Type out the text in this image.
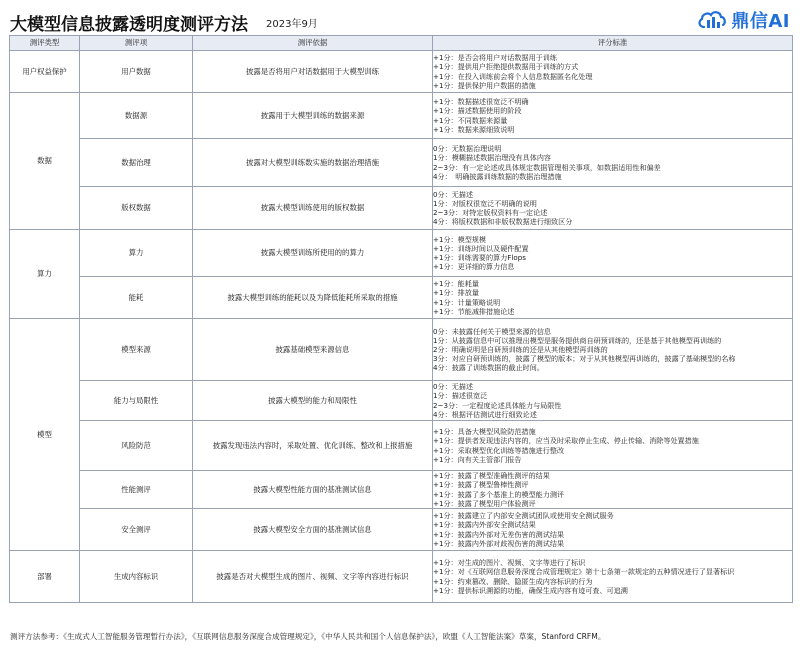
大模型信息披露透明度测评方法 2023年9月	鼎信AI
测评类型	测评项	测评依据	评分标准
用户权益保护	用户数据	披露是否将用户对话数据用于大模型训练	+1分：是否会将用户对话数据用于训练
+1分：提供用户拒绝提供数据用于训练的方式
+1分：在投入训练前会将个人信息数据匿名化处理
+1分：提供保护用户数据的措施

数据	数据源	披露用于大模型训练的数据来源	+1分：数据描述很宽泛不明确
+1分：描述数据使用的阶段
+1分：不同数据来源量
+1分：数据来源细致说明

	数据治理	披露对大模型训练数实施的数据治理措施	0分：无数据治理说明
1分：模糊描述数据治理没有具体内容
2~3分：有一定论述或具体规定数据管理相关事项，如数据适用性和偏差
4分：　明确披露训练数据的数据治理措施

	版权数据	披露大模型训练使用的版权数据	0分：无描述
1分：对版权很宽泛不明确的说明
2~3分：对特定版权资料有一定论述
4分：将版权数据和非版权数据进行细致区分

算力	算力	披露大模型训练所使用的的算力	+1分：模型规模
+1分：训练时间以及硬件配置
+1分：训练需要的算力Flops
+1分：更详细的算力信息

	能耗	披露大模型训练的能耗以及为降低能耗所采取的措施	+1分：能耗量
+1分：排放量
+1分：计量策略说明
+1分：节能减排措施论述

模型	模型来源	披露基础模型来源信息	0分：未披露任何关于模型来源的信息
1分：从披露信息中可以推理出模型是服务提供商自研预训练的，还是基于其他模型再训练的
2分：明确说明是自研预训练的还是从其他模型再训练的
3分：对应自研预训练的，披露了模型的版本；对于从其他模型再训练的，披露了基础模型的名称
4分：披露了训练数据的截止时间。

	能力与局限性	披露大模型的能力和局限性	0分：无描述
1分：描述很宽泛
2~3分：一定程度论述具体能力与局限性
4分：根据评估测试进行细致论述

	风险防范	披露发现违法内容时，采取处置、优化训练、整改和上报措施	+1分：具备大模型风险防范措施
+1分：提供者发现违法内容的，应当及时采取停止生成、停止传输、消除等处置措施
+1分：采取模型优化训练等措施进行整改
+1分：向有关主管部门报告

	性能测评	披露大模型性能方面的基准测试信息	+1分：披露了模型准确性测评的结果
+1分：披露了模型鲁棒性测评
+1分：披露了多个基准上的模型能力测评
+1分：披露了模型用户体验测评

	安全测评	披露大模型安全方面的基准测试信息	+1分：披露建立了内部安全测试团队或使用安全测试服务
+1分：披露内外部安全测试结果
+1分：披露内外部对无差伤害的测试结果
+1分：披露内外部对歧视伤害的测试结果

部署	生成内容标识	披露是否对大模型生成的图片、视频、文字等内容进行标识	+1分：对生成的图片、视频、文字等进行了标识
+1分：对《互联网信息服务深度合成管理规定》第十七条第一款规定的五种情况进行了显著标识
+1分：约束篡改、删除、隐匿生成内容标识的行为
+1分：提供标识溯源的功能，确保生成内容有迹可查、可追溯
测评方法参考：《生成式人工智能服务管理暂行办法》，《互联网信息服务深度合成管理规定》，《中华人民共和国个人信息保护法》，欧盟《人工智能法案》草案，Stanford CRFM。
